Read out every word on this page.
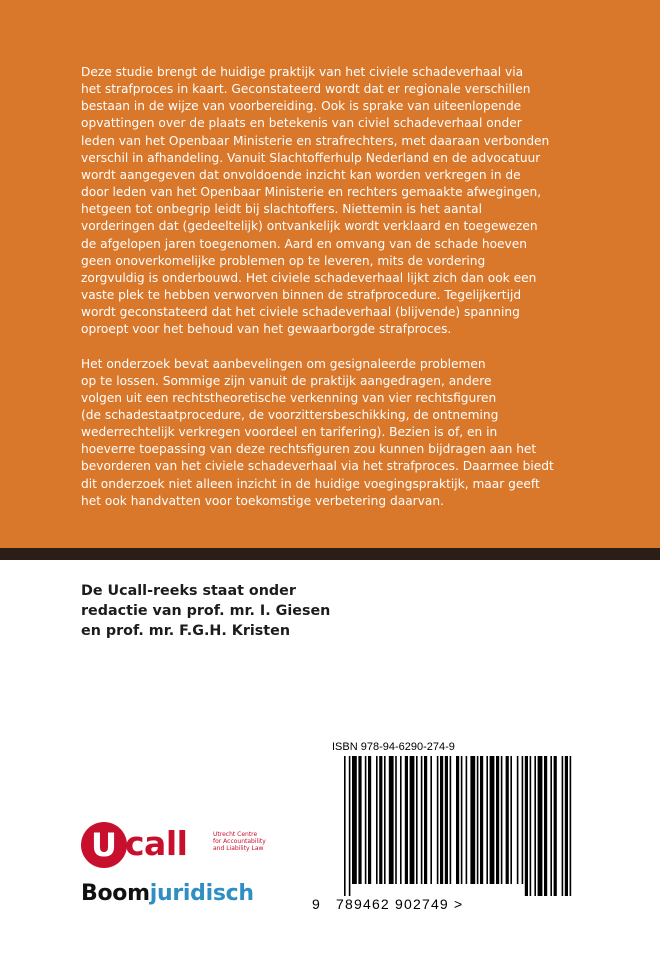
Deze studie brengt de huidige praktijk van het civiele schadeverhaal via
het strafproces in kaart. Geconstateerd wordt dat er regionale verschillen
bestaan in de wijze van voorbereiding. Ook is sprake van uiteenlopende
opvattingen over de plaats en betekenis van civiel schadeverhaal onder
leden van het Openbaar Ministerie en strafrechters, met daaraan verbonden
verschil in afhandeling. Vanuit Slachtofferhulp Nederland en de advocatuur
wordt aangegeven dat onvoldoende inzicht kan worden verkregen in de
door leden van het Openbaar Ministerie en rechters gemaakte afwegingen,
hetgeen tot onbegrip leidt bij slachtoffers. Niettemin is het aantal
vorderingen dat (gedeeltelijk) ontvankelijk wordt verklaard en toegewezen
de afgelopen jaren toegenomen. Aard en omvang van de schade hoeven
geen onoverkomelijke problemen op te leveren, mits de vordering
zorgvuldig is onderbouwd. Het civiele schadeverhaal lijkt zich dan ook een
vaste plek te hebben verworven binnen de strafprocedure. Tegelijkertijd
wordt geconstateerd dat het civiele schadeverhaal (blijvende) spanning
oproept voor het behoud van het gewaarborgde strafproces.

Het onderzoek bevat aanbevelingen om gesignaleerde problemen
op te lossen. Sommige zijn vanuit de praktijk aangedragen, andere
volgen uit een rechtstheoretische verkenning van vier rechtsfiguren
(de schadestaatprocedure, de voorzittersbeschikking, de ontneming
wederrechtelijk verkregen voordeel en tarifering). Bezien is of, en in
hoeverre toepassing van deze rechtsfiguren zou kunnen bijdragen aan het
bevorderen van het civiele schadeverhaal via het strafproces. Daarmee biedt
dit onderzoek niet alleen inzicht in de huidige voegingspraktijk, maar geeft
het ook handvatten voor toekomstige verbetering daarvan.

De Ucall-reeks staat onder
redactie van prof. mr. I. Giesen
en prof. mr. F.G.H. Kristen
U call	Utrecht Centre
for Accountability
and Liability Law
Boomjuridisch
ISBN 978-94-6290-274-9
9 789462 902749 >
